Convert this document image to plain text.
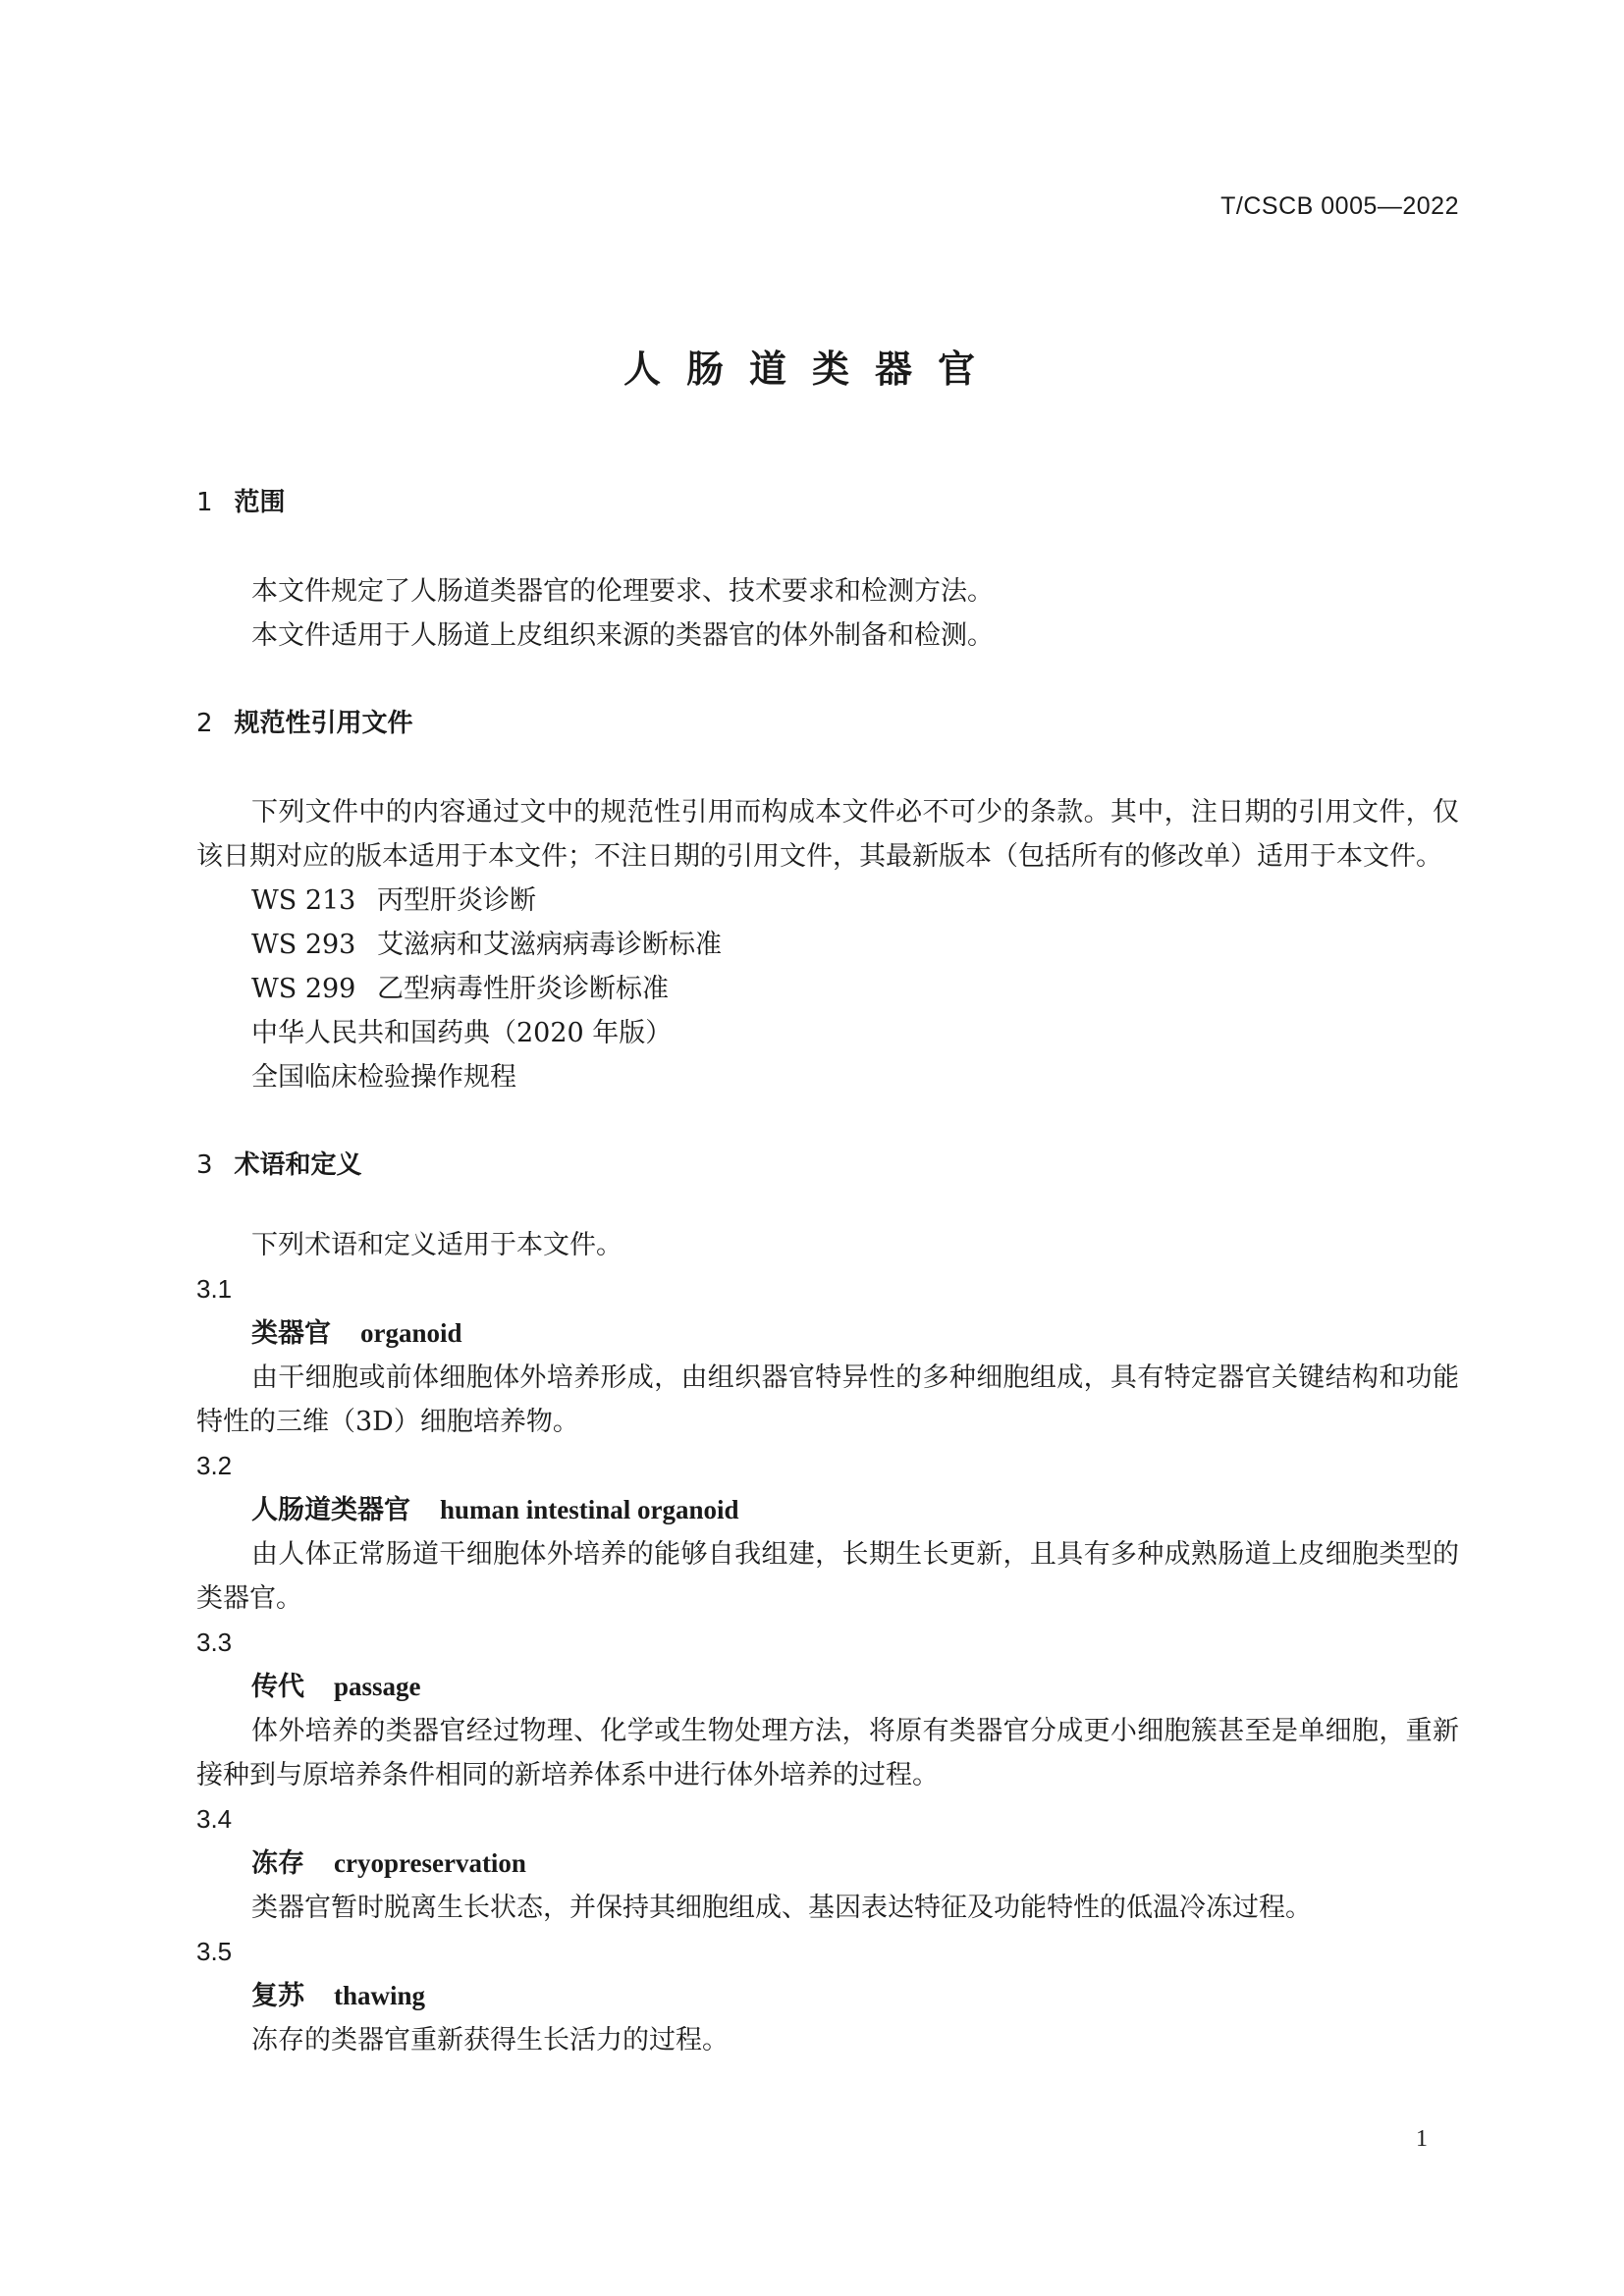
T/CSCB 0005—2022
人肠道类器官
1 范围

本文件规定了人肠道类器官的伦理要求、技术要求和检测方法。

本文件适用于人肠道上皮组织来源的类器官的体外制备和检测。

2 规范性引用文件

下列文件中的内容通过文中的规范性引用而构成本文件必不可少的条款。其中，注日期的引用文件，仅该日期对应的版本适用于本文件；不注日期的引用文件，其最新版本（包括所有的修改单）适用于本文件。

WS 213 丙型肝炎诊断
WS 293 艾滋病和艾滋病病毒诊断标准
WS 299 乙型病毒性肝炎诊断标准
中华人民共和国药典（2020 年版）
全国临床检验操作规程
3 术语和定义

下列术语和定义适用于本文件。

3.1
类器官 organoid

由干细胞或前体细胞体外培养形成，由组织器官特异性的多种细胞组成，具有特定器官关键结构和功能特性的三维（3D）细胞培养物。

3.2
人肠道类器官 human intestinal organoid

由人体正常肠道干细胞体外培养的能够自我组建，长期生长更新，且具有多种成熟肠道上皮细胞类型的类器官。

3.3
传代 passage

体外培养的类器官经过物理、化学或生物处理方法，将原有类器官分成更小细胞簇甚至是单细胞，重新接种到与原培养条件相同的新培养体系中进行体外培养的过程。

3.4
冻存 cryopreservation

类器官暂时脱离生长状态，并保持其细胞组成、基因表达特征及功能特性的低温冷冻过程。

3.5
复苏 thawing

冻存的类器官重新获得生长活力的过程。

1
